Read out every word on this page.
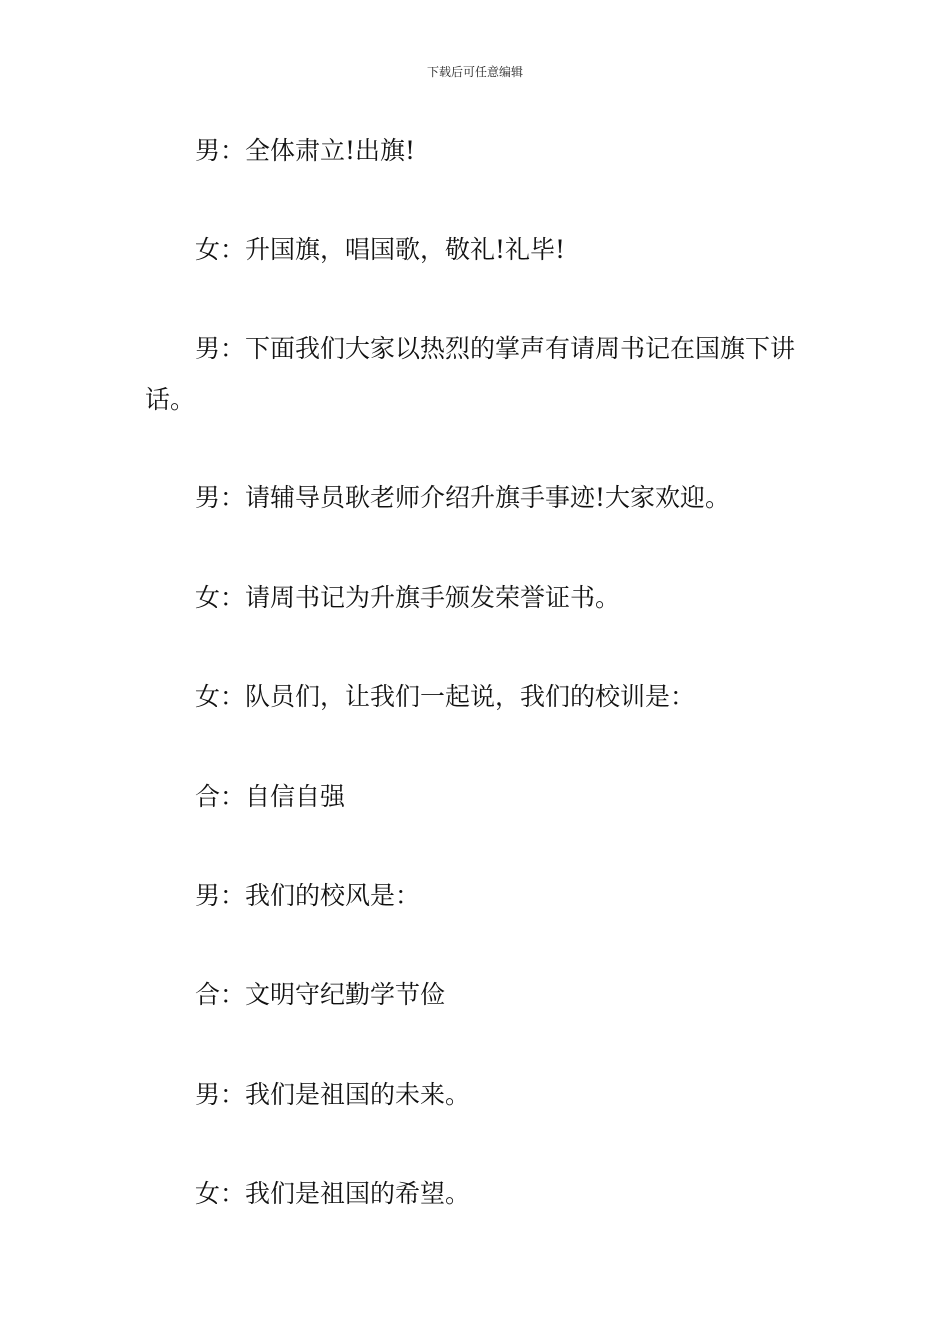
下载后可任意编辑

男：全体肃立!出旗!

女：升国旗，唱国歌，敬礼!礼毕!

男：下面我们大家以热烈的掌声有请周书记在国旗下讲话。

男：请辅导员耿老师介绍升旗手事迹!大家欢迎。

女：请周书记为升旗手颁发荣誉证书。

女：队员们，让我们一起说，我们的校训是：

合：自信自强

男：我们的校风是：

合：文明守纪勤学节俭

男：我们是祖国的未来。

女：我们是祖国的希望。
